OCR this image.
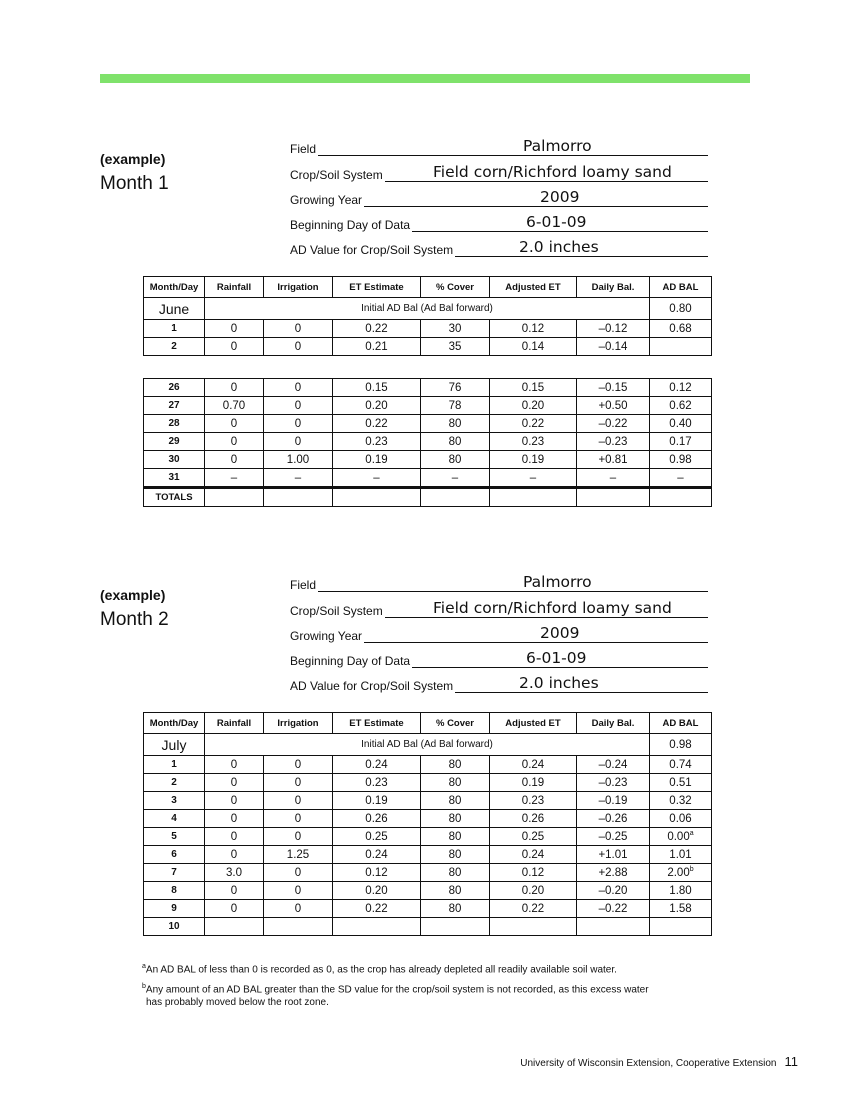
(example)
Month 1
Field	Palmorro
Crop/Soil System	Field corn/Richford loamy sand
Growing Year	2009
Beginning Day of Data	6-01-09
AD Value for Crop/Soil System	2.0 inches
Month/Day	Rainfall	Irrigation	ET Estimate	% Cover	Adjusted ET	Daily Bal.	AD BAL
June	Initial AD Bal (Ad Bal forward)						0.80
1	0	0	0.22	30	0.12	–0.12	0.68
2	0	0	0.21	35	0.14	–0.14	
26	0	0	0.15	76	0.15	–0.15	0.12
27	0.70	0	0.20	78	0.20	+0.50	0.62
28	0	0	0.22	80	0.22	–0.22	0.40
29	0	0	0.23	80	0.23	–0.23	0.17
30	0	1.00	0.19	80	0.19	+0.81	0.98
31	–	–	–	–	–	–	–
TOTALS							
(example)
Month 2
Field	Palmorro
Crop/Soil System	Field corn/Richford loamy sand
Growing Year	2009
Beginning Day of Data	6-01-09
AD Value for Crop/Soil System	2.0 inches
Month/Day	Rainfall	Irrigation	ET Estimate	% Cover	Adjusted ET	Daily Bal.	AD BAL
July	Initial AD Bal (Ad Bal forward)						0.98
1	0	0	0.24	80	0.24	–0.24	0.74
2	0	0	0.23	80	0.19	–0.23	0.51
3	0	0	0.19	80	0.23	–0.19	0.32
4	0	0	0.26	80	0.26	–0.26	0.06
5	0	0	0.25	80	0.25	–0.25	0.00$^a$
6	0	1.25	0.24	80	0.24	+1.01	1.01
7	3.0	0	0.12	80	0.12	+2.88	2.00$^b$
8	0	0	0.20	80	0.20	–0.20	1.80
9	0	0	0.22	80	0.22	–0.22	1.58
10							
$^a$An AD BAL of less than 0 is recorded as 0, as the crop has already depleted all readily available soil water.
$^b$Any amount of an AD BAL greater than the SD value for the crop/soil system is not recorded, as this excess water
has probably moved below the root zone.
University of Wisconsin Extension, Cooperative Extension 11
